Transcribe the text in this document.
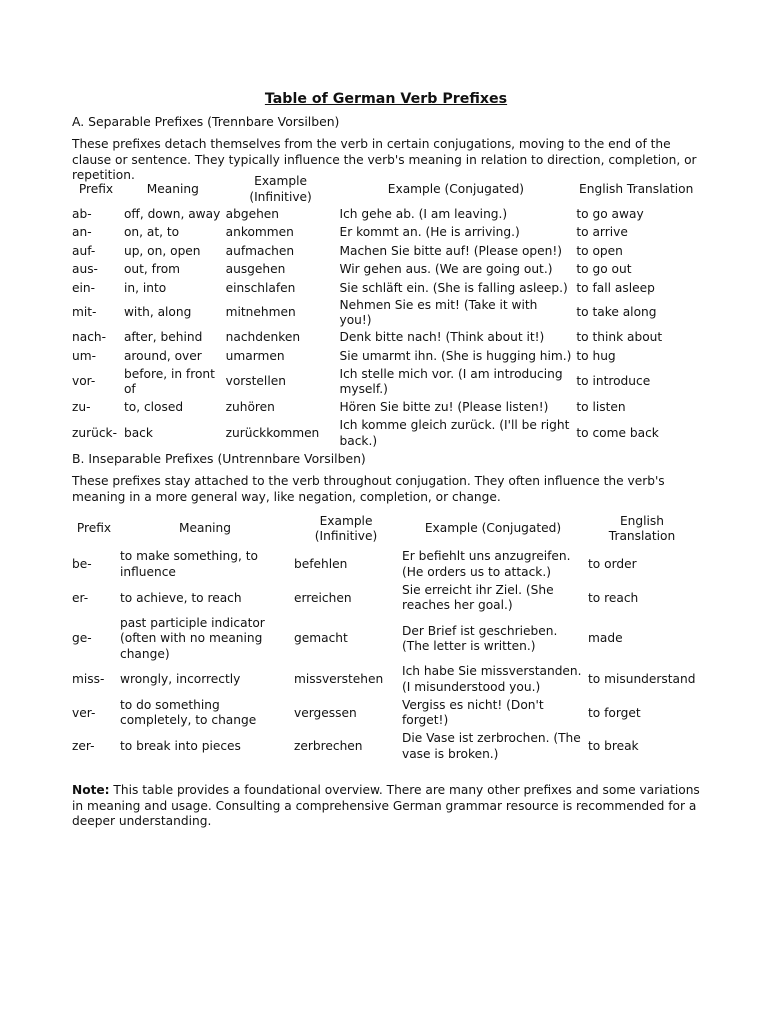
Table of German Verb Prefixes
A. Separable Prefixes (Trennbare Vorsilben)
These prefixes detach themselves from the verb in certain conjugations, moving to the end of the clause or sentence. They typically influence the verb's meaning in relation to direction, completion, or repetition.
Prefix	Meaning	Example (Infinitive)	Example (Conjugated)	English Translation
ab-	off, down, away	abgehen	Ich gehe ab. (I am leaving.)	to go away
an-	on, at, to	ankommen	Er kommt an. (He is arriving.)	to arrive
auf-	up, on, open	aufmachen	Machen Sie bitte auf! (Please open!)	to open
aus-	out, from	ausgehen	Wir gehen aus. (We are going out.)	to go out
ein-	in, into	einschlafen	Sie schläft ein. (She is falling asleep.)	to fall asleep
mit-	with, along	mitnehmen	Nehmen Sie es mit! (Take it with you!)	to take along
nach-	after, behind	nachdenken	Denk bitte nach! (Think about it!)	to think about
um-	around, over	umarmen	Sie umarmt ihn. (She is hugging him.)	to hug
vor-	before, in front of	vorstellen	Ich stelle mich vor. (I am introducing myself.)	to introduce
zu-	to, closed	zuhören	Hören Sie bitte zu! (Please listen!)	to listen
zurück-	back	zurückkommen	Ich komme gleich zurück. (I'll be right back.)	to come back
B. Inseparable Prefixes (Untrennbare Vorsilben)
These prefixes stay attached to the verb throughout conjugation. They often influence the verb's meaning in a more general way, like negation, completion, or change.
Prefix	Meaning	Example (Infinitive)	Example (Conjugated)	English Translation
be-	to make something, to influence	befehlen	Er befiehlt uns anzugreifen. (He orders us to attack.)	to order
er-	to achieve, to reach	erreichen	Sie erreicht ihr Ziel. (She reaches her goal.)	to reach
ge-	past participle indicator (often with no meaning change)	gemacht	Der Brief ist geschrieben. (The letter is written.)	made
miss-	wrongly, incorrectly	missverstehen	Ich habe Sie missverstanden. (I misunderstood you.)	to misunderstand
ver-	to do something completely, to change	vergessen	Vergiss es nicht! (Don't forget!)	to forget
zer-	to break into pieces	zerbrechen	Die Vase ist zerbrochen. (The vase is broken.)	to break
Note: This table provides a foundational overview. There are many other prefixes and some variations in meaning and usage. Consulting a comprehensive German grammar resource is recommended for a deeper understanding.
